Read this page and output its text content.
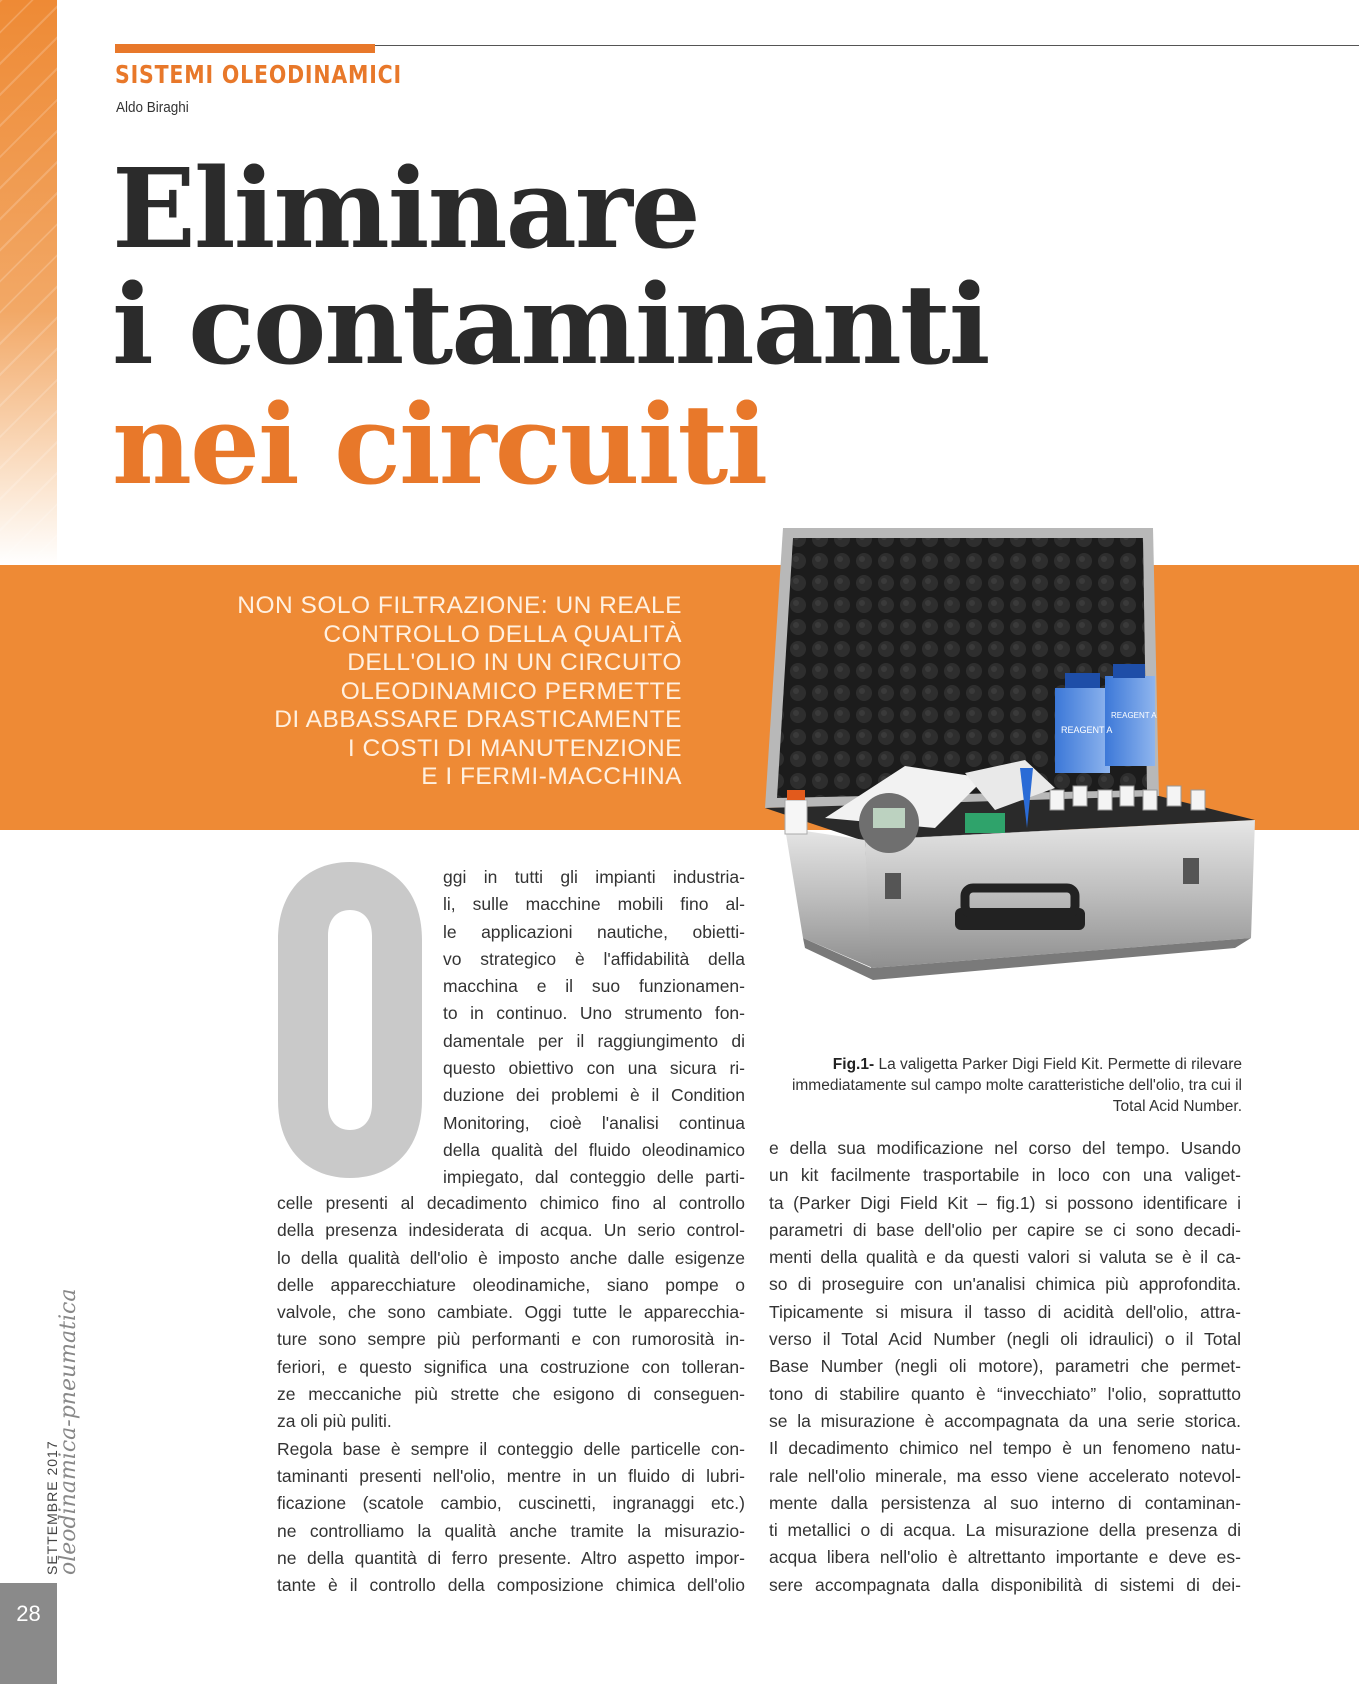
SISTEMI OLEODINAMICI
Aldo Biraghi
Eliminare
i contaminanti
nei circuiti
NON SOLO FILTRAZIONE: UN REALE
CONTROLLO DELLA QUALITÀ
DELL'OLIO IN UN CIRCUITO
OLEODINAMICO PERMETTE
DI ABBASSARE DRASTICAMENTE
I COSTI DI MANUTENZIONE
E I FERMI-MACCHINA
REAGENT A
REAGENT A
Fig.1- La valigetta Parker Digi Field Kit. Permette di rilevare immediatamente sul campo molte caratteristiche dell'olio, tra cui il Total Acid Number.
O
ggi in tutti gli impianti industria-
li, sulle macchine mobili fino al-
le applicazioni nautiche, obietti-
vo strategico è l'affidabilità della
macchina e il suo funzionamen-
to in continuo. Uno strumento fon-
damentale per il raggiungimento di
questo obiettivo con una sicura ri-
duzione dei problemi è il Condition
Monitoring, cioè l'analisi continua
della qualità del fluido oleodinamico
impiegato, dal conteggio delle parti-
celle presenti al decadimento chimico fino al controllo
della presenza indesiderata di acqua. Un serio control-
lo della qualità dell'olio è imposto anche dalle esigenze
delle apparecchiature oleodinamiche, siano pompe o
valvole, che sono cambiate. Oggi tutte le apparecchia-
ture sono sempre più performanti e con rumorosità in-
feriori, e questo significa una costruzione con tolleran-
ze meccaniche più strette che esigono di conseguen-
za oli più puliti.
Regola base è sempre il conteggio delle particelle con-
taminanti presenti nell'olio, mentre in un fluido di lubri-
ficazione (scatole cambio, cuscinetti, ingranaggi etc.)
ne controlliamo la qualità anche tramite la misurazio-
ne della quantità di ferro presente. Altro aspetto impor-
tante è il controllo della composizione chimica dell'olio
e della sua modificazione nel corso del tempo. Usando
un kit facilmente trasportabile in loco con una valiget-
ta (Parker Digi Field Kit – fig.1) si possono identificare i
parametri di base dell'olio per capire se ci sono decadi-
menti della qualità e da questi valori si valuta se è il ca-
so di proseguire con un'analisi chimica più approfondita.
Tipicamente si misura il tasso di acidità dell'olio, attra-
verso il Total Acid Number (negli oli idraulici) o il Total
Base Number (negli oli motore), parametri che permet-
tono di stabilire quanto è “invecchiato” l'olio, soprattutto
se la misurazione è accompagnata da una serie storica.
Il decadimento chimico nel tempo è un fenomeno natu-
rale nell'olio minerale, ma esso viene accelerato notevol-
mente dalla persistenza al suo interno di contaminan-
ti metallici o di acqua. La misurazione della presenza di
acqua libera nell'olio è altrettanto importante e deve es-
sere accompagnata dalla disponibilità di sistemi di dei-
oleodinamica-pneumatica
SETTEMBRE 2017
28
